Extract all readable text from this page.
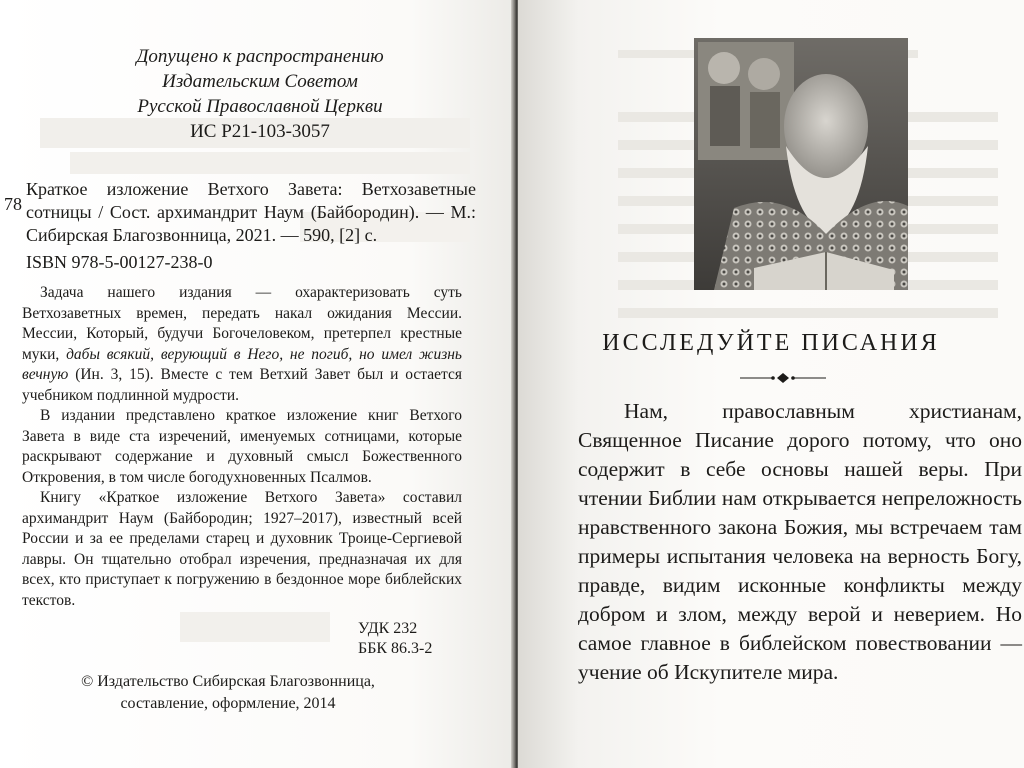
Допущено к распространению
Издательским Советом
Русской Православной Церкви
ИС Р21-103-3057
78
Краткое изложение Ветхого Завета: Ветхозаветные сотницы / Сост. архимандрит Наум (Байбородин). — М.: Сибирская Благозвонница, 2021. — 590, [2] с.
ISBN 978-5-00127-238-0

Задача нашего издания — охарактеризовать суть Ветхозаветных времен, передать накал ожидания Мессии. Мессии, Который, будучи Богочеловеком, претерпел крестные муки, дабы всякий, верующий в Него, не погиб, но имел жизнь вечную (Ин. 3, 15). Вместе с тем Ветхий Завет был и остается учебником подлинной мудрости.

В издании представлено краткое изложение книг Ветхого Завета в виде ста изречений, именуемых сотницами, которые раскрывают содержание и духовный смысл Божественного Откровения, в том числе богодухновенных Псалмов.

Книгу «Краткое изложение Ветхого Завета» составил архимандрит Наум (Байбородин; 1927–2017), известный всей России и за ее пределами старец и духовник Троице-Сергиевой лавры. Он тщательно отобрал изречения, предназначая их для всех, кто приступает к погружению в бездонное море библейских текстов.

УДК 232
ББК 86.3-2
© Издательство Сибирская Благозвонница,
составление, оформление, 2014
ИССЛЕДУЙТЕ ПИСАНИЯ

Нам, православным христианам, Священное Писание дорого потому, что оно содержит в себе основы нашей веры. При чтении Библии нам открывается непреложность нравственного закона Божия, мы встречаем там примеры испытания человека на верность Богу, правде, видим исконные конфликты между добром и злом, между верой и неверием. Но самое главное в библейском повествовании — учение об Искупителе мира.
